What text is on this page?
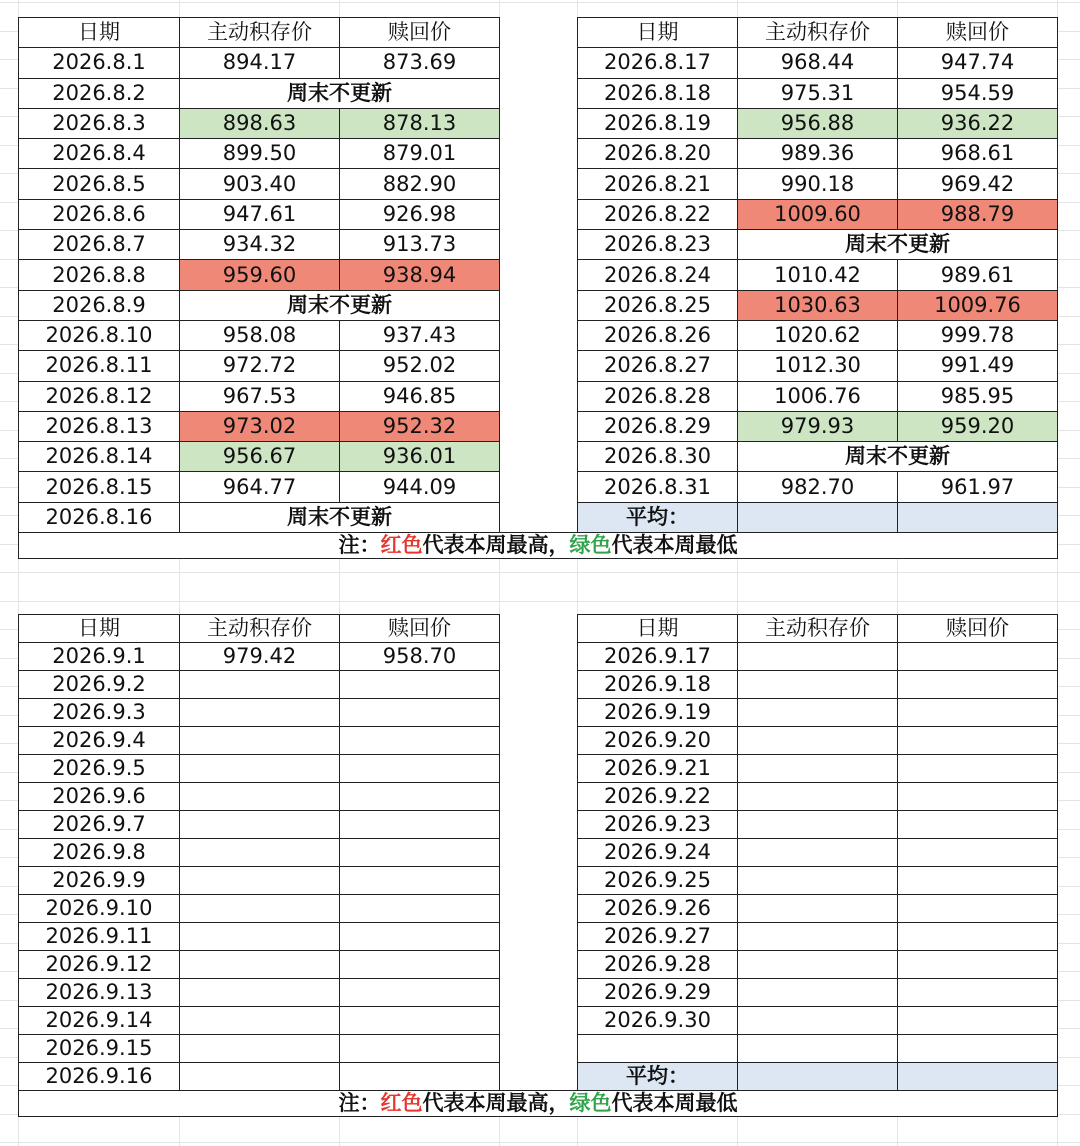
日期	主动积存价	赎回价		日期	主动积存价	赎回价
2026.8.1	894.17	873.69		2026.8.17	968.44	947.74
2026.8.2	周末不更新			2026.8.18	975.31	954.59
2026.8.3	898.63	878.13		2026.8.19	956.88	936.22
2026.8.4	899.50	879.01		2026.8.20	989.36	968.61
2026.8.5	903.40	882.90		2026.8.21	990.18	969.42
2026.8.6	947.61	926.98		2026.8.22	1009.60	988.79
2026.8.7	934.32	913.73		2026.8.23	周末不更新	
2026.8.8	959.60	938.94		2026.8.24	1010.42	989.61
2026.8.9	周末不更新			2026.8.25	1030.63	1009.76
2026.8.10	958.08	937.43		2026.8.26	1020.62	999.78
2026.8.11	972.72	952.02		2026.8.27	1012.30	991.49
2026.8.12	967.53	946.85		2026.8.28	1006.76	985.95
2026.8.13	973.02	952.32		2026.8.29	979.93	959.20
2026.8.14	956.67	936.01		2026.8.30	周末不更新	
2026.8.15	964.77	944.09		2026.8.31	982.70	961.97
2026.8.16	周末不更新			平均：		
注：红色代表本周最高，绿色代表本周最低						
日期	主动积存价	赎回价		日期	主动积存价	赎回价
2026.9.1	979.42	958.70		2026.9.17		
2026.9.2				2026.9.18		
2026.9.3				2026.9.19		
2026.9.4				2026.9.20		
2026.9.5				2026.9.21		
2026.9.6				2026.9.22		
2026.9.7				2026.9.23		
2026.9.8				2026.9.24		
2026.9.9				2026.9.25		
2026.9.10				2026.9.26		
2026.9.11				2026.9.27		
2026.9.12				2026.9.28		
2026.9.13				2026.9.29		
2026.9.14				2026.9.30		
2026.9.15						
2026.9.16				平均：		
注：红色代表本周最高，绿色代表本周最低						
